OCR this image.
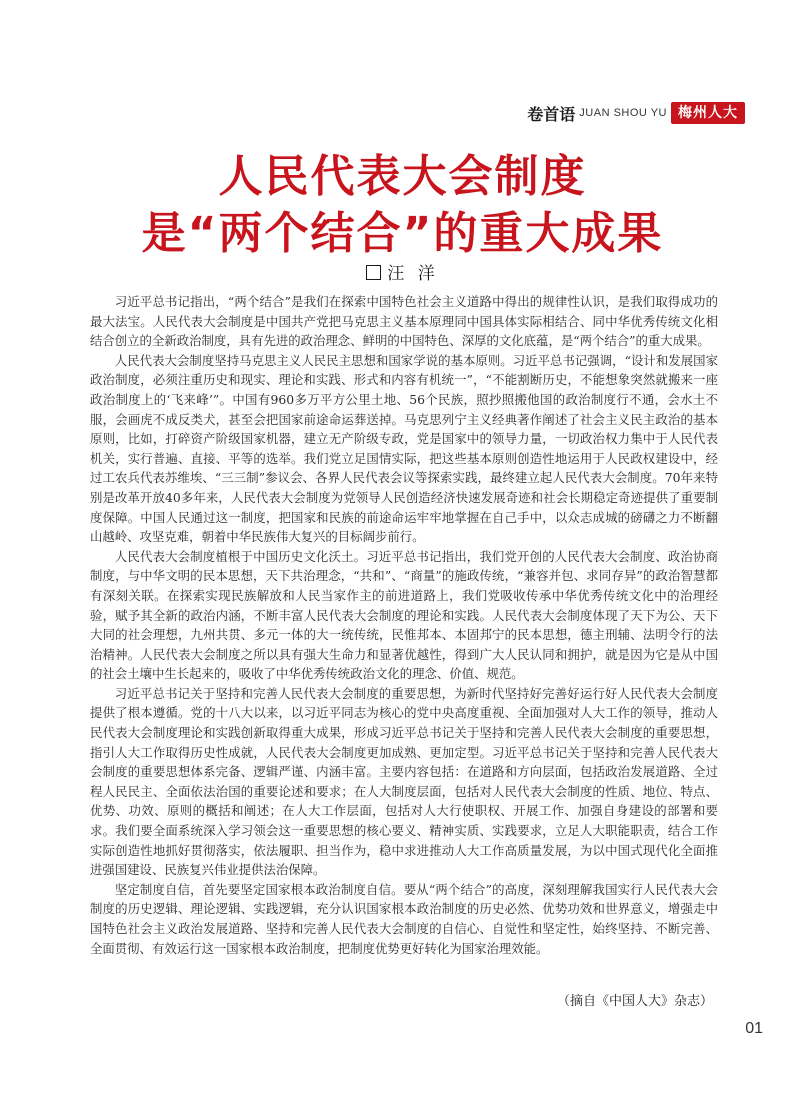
卷首语 JUAN SHOU YU 梅州人大
人民代表大会制度
是“两个结合”的重大成果
汪 洋

习近平总书记指出，“两个结合”是我们在探索中国特色社会主义道路中得出的规律性认识，是我们取得成功的最大法宝。人民代表大会制度是中国共产党把马克思主义基本原理同中国具体实际相结合、同中华优秀传统文化相结合创立的全新政治制度，具有先进的政治理念、鲜明的中国特色、深厚的文化底蕴，是“两个结合”的重大成果。

人民代表大会制度坚持马克思主义人民民主思想和国家学说的基本原则。习近平总书记强调，“设计和发展国家政治制度，必须注重历史和现实、理论和实践、形式和内容有机统一”，“不能割断历史，不能想象突然就搬来一座政治制度上的‘飞来峰’”。中国有960多万平方公里土地、56个民族，照抄照搬他国的政治制度行不通，会水土不服，会画虎不成反类犬，甚至会把国家前途命运葬送掉。马克思列宁主义经典著作阐述了社会主义民主政治的基本原则，比如，打碎资产阶级国家机器，建立无产阶级专政，党是国家中的领导力量，一切政治权力集中于人民代表机关，实行普遍、直接、平等的选举。我们党立足国情实际，把这些基本原则创造性地运用于人民政权建设中，经过工农兵代表苏维埃、“三三制”参议会、各界人民代表会议等探索实践，最终建立起人民代表大会制度。70年来特别是改革开放40多年来，人民代表大会制度为党领导人民创造经济快速发展奇迹和社会长期稳定奇迹提供了重要制度保障。中国人民通过这一制度，把国家和民族的前途命运牢牢地掌握在自己手中，以众志成城的磅礴之力不断翻山越岭、攻坚克难，朝着中华民族伟大复兴的目标阔步前行。

人民代表大会制度植根于中国历史文化沃土。习近平总书记指出，我们党开创的人民代表大会制度、政治协商制度，与中华文明的民本思想，天下共治理念，“共和”、“商量”的施政传统，“兼容并包、求同存异”的政治智慧都有深刻关联。在探索实现民族解放和人民当家作主的前进道路上，我们党吸收传承中华优秀传统文化中的治理经验，赋予其全新的政治内涵，不断丰富人民代表大会制度的理论和实践。人民代表大会制度体现了天下为公、天下大同的社会理想，九州共贯、多元一体的大一统传统，民惟邦本、本固邦宁的民本思想，德主刑辅、法明令行的法治精神。人民代表大会制度之所以具有强大生命力和显著优越性，得到广大人民认同和拥护，就是因为它是从中国的社会土壤中生长起来的，吸收了中华优秀传统政治文化的理念、价值、规范。

习近平总书记关于坚持和完善人民代表大会制度的重要思想，为新时代坚持好完善好运行好人民代表大会制度提供了根本遵循。党的十八大以来，以习近平同志为核心的党中央高度重视、全面加强对人大工作的领导，推动人民代表大会制度理论和实践创新取得重大成果，形成习近平总书记关于坚持和完善人民代表大会制度的重要思想，指引人大工作取得历史性成就，人民代表大会制度更加成熟、更加定型。习近平总书记关于坚持和完善人民代表大会制度的重要思想体系完备、逻辑严谨、内涵丰富。主要内容包括：在道路和方向层面，包括政治发展道路、全过程人民民主、全面依法治国的重要论述和要求；在人大制度层面，包括对人民代表大会制度的性质、地位、特点、优势、功效、原则的概括和阐述；在人大工作层面，包括对人大行使职权、开展工作、加强自身建设的部署和要求。我们要全面系统深入学习领会这一重要思想的核心要义、精神实质、实践要求，立足人大职能职责，结合工作实际创造性地抓好贯彻落实，依法履职、担当作为，稳中求进推动人大工作高质量发展，为以中国式现代化全面推进强国建设、民族复兴伟业提供法治保障。

坚定制度自信，首先要坚定国家根本政治制度自信。要从“两个结合”的高度，深刻理解我国实行人民代表大会制度的历史逻辑、理论逻辑、实践逻辑，充分认识国家根本政治制度的历史必然、优势功效和世界意义，增强走中国特色社会主义政治发展道路、坚持和完善人民代表大会制度的自信心、自觉性和坚定性，始终坚持、不断完善、全面贯彻、有效运行这一国家根本政治制度，把制度优势更好转化为国家治理效能。

（摘自《中国人大》杂志）
01
